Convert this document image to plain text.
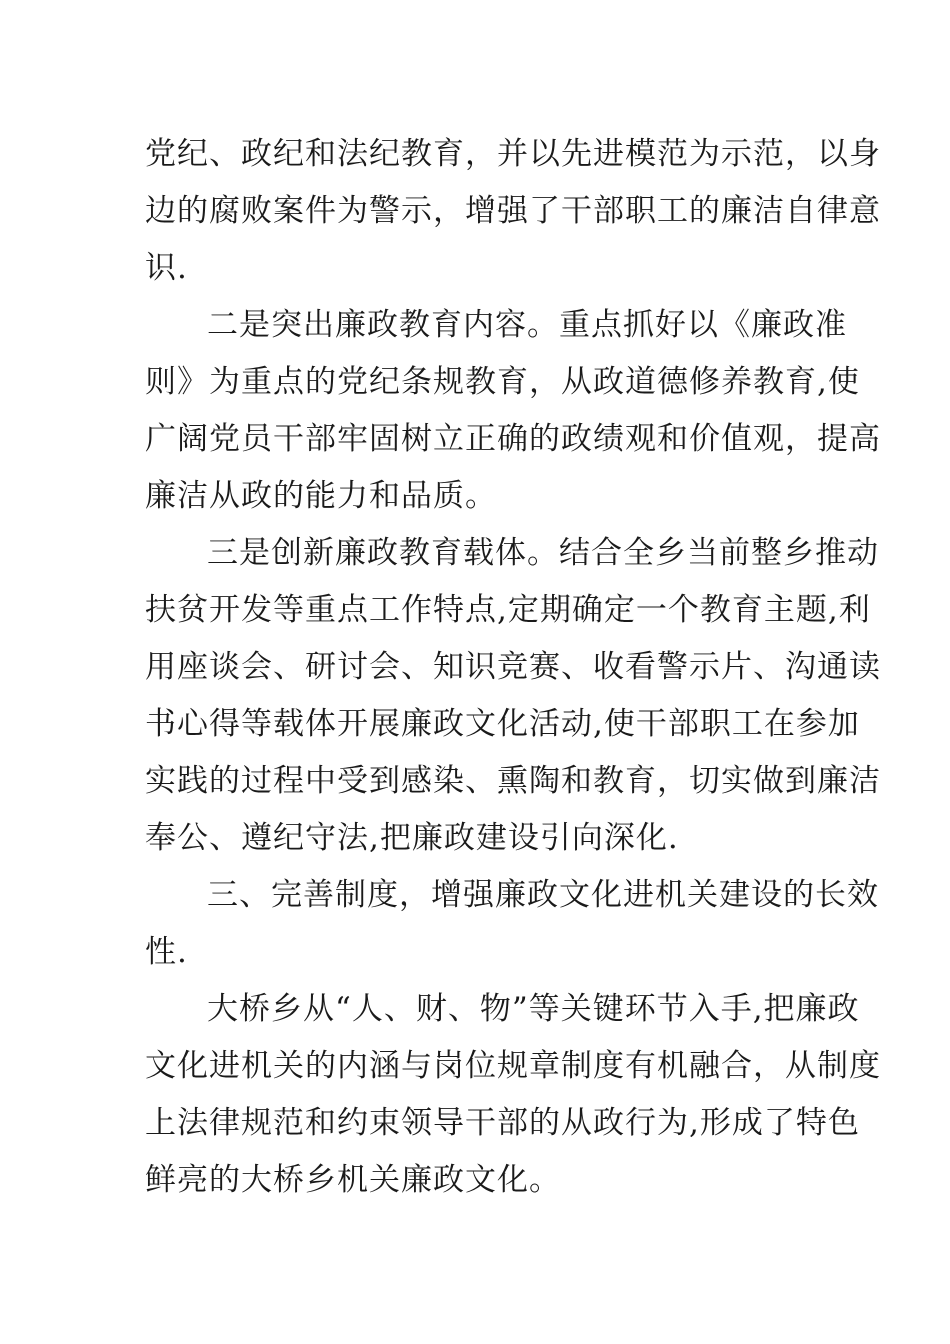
党纪、政纪和法纪教育，并以先进模范为示范，以身
边的腐败案件为警示，增强了干部职工的廉洁自律意
识.
二是突出廉政教育内容。重点抓好以《廉政准
则》为重点的党纪条规教育，从政道德修养教育,使
广阔党员干部牢固树立正确的政绩观和价值观，提高
廉洁从政的能力和品质。
三是创新廉政教育载体。结合全乡当前整乡推动
扶贫开发等重点工作特点,定期确定一个教育主题,利
用座谈会、研讨会、知识竞赛、收看警示片、沟通读
书心得等载体开展廉政文化活动,使干部职工在参加
实践的过程中受到感染、熏陶和教育，切实做到廉洁
奉公、遵纪守法,把廉政建设引向深化.
三、完善制度，增强廉政文化进机关建设的长效
性.
大桥乡从“人、财、物”等关键环节入手,把廉政
文化进机关的内涵与岗位规章制度有机融合，从制度
上法律规范和约束领导干部的从政行为,形成了特色
鲜亮的大桥乡机关廉政文化。
